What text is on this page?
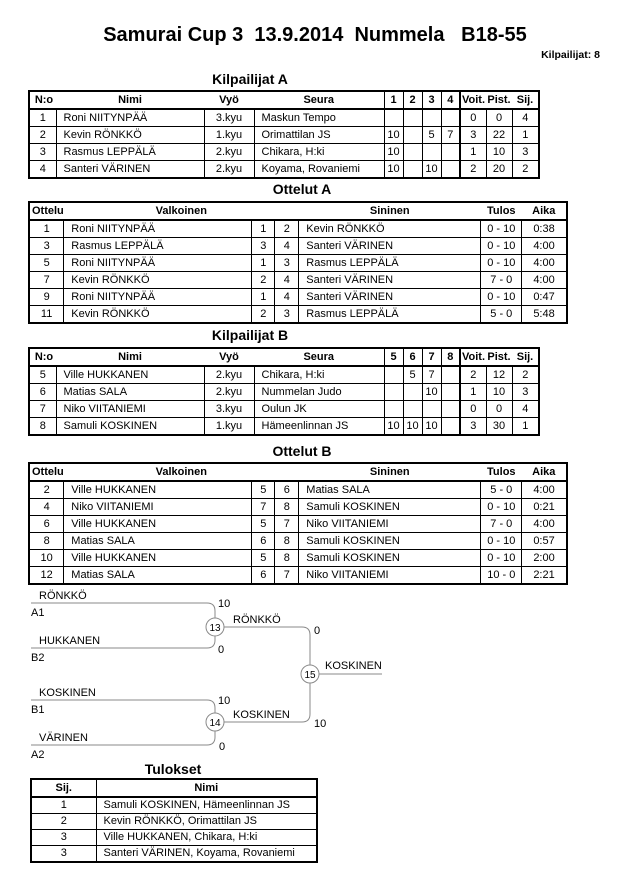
Samurai Cup 3  13.9.2014  Nummela   B18-55
Kilpailijat: 8
Kilpailijat A
N:o	Nimi	Vyö	Seura	1	2	3	4	Voit.	Pist.	Sij.
1	Roni NIITYNPÄÄ	3.kyu	Maskun Tempo					0	0	4
2	Kevin RÖNKKÖ	1.kyu	Orimattilan JS	10		5	7	3	22	1
3	Rasmus LEPPÄLÄ	2.kyu	Chikara, H:ki	10				1	10	3
4	Santeri VÄRINEN	2.kyu	Koyama, Rovaniemi	10		10		2	20	2
Ottelut A
Ottelu	Valkoinen			Sininen	Tulos	Aika
1	Roni NIITYNPÄÄ	1	2	Kevin RÖNKKÖ	0 - 10	0:38
3	Rasmus LEPPÄLÄ	3	4	Santeri VÄRINEN	0 - 10	4:00
5	Roni NIITYNPÄÄ	1	3	Rasmus LEPPÄLÄ	0 - 10	4:00
7	Kevin RÖNKKÖ	2	4	Santeri VÄRINEN	7 - 0	4:00
9	Roni NIITYNPÄÄ	1	4	Santeri VÄRINEN	0 - 10	0:47
11	Kevin RÖNKKÖ	2	3	Rasmus LEPPÄLÄ	5 - 0	5:48
Kilpailijat B
N:o	Nimi	Vyö	Seura	5	6	7	8	Voit.	Pist.	Sij.
5	Ville HUKKANEN	2.kyu	Chikara, H:ki		5	7		2	12	2
6	Matias SALA	2.kyu	Nummelan Judo			10		1	10	3
7	Niko VIITANIEMI	3.kyu	Oulun JK					0	0	4
8	Samuli KOSKINEN	1.kyu	Hämeenlinnan JS	10	10	10		3	30	1
Ottelut B
Ottelu	Valkoinen			Sininen	Tulos	Aika
2	Ville HUKKANEN	5	6	Matias SALA	5 - 0	4:00
4	Niko VIITANIEMI	7	8	Samuli KOSKINEN	0 - 10	0:21
6	Ville HUKKANEN	5	7	Niko VIITANIEMI	7 - 0	4:00
8	Matias SALA	6	8	Samuli KOSKINEN	0 - 10	0:57
10	Ville HUKKANEN	5	8	Samuli KOSKINEN	0 - 10	2:00
12	Matias SALA	6	7	Niko VIITANIEMI	10 - 0	2:21
13
14
15
RÖNKKÖ
A1
10
HUKKANEN
B2
0
RÖNKKÖ
0
KOSKINEN
B1
10
VÄRINEN
A2
0
KOSKINEN
10
KOSKINEN
Tulokset
Sij.	Nimi
1	Samuli KOSKINEN, Hämeenlinnan JS
2	Kevin RÖNKKÖ, Orimattilan JS
3	Ville HUKKANEN, Chikara, H:ki
3	Santeri VÄRINEN, Koyama, Rovaniemi
